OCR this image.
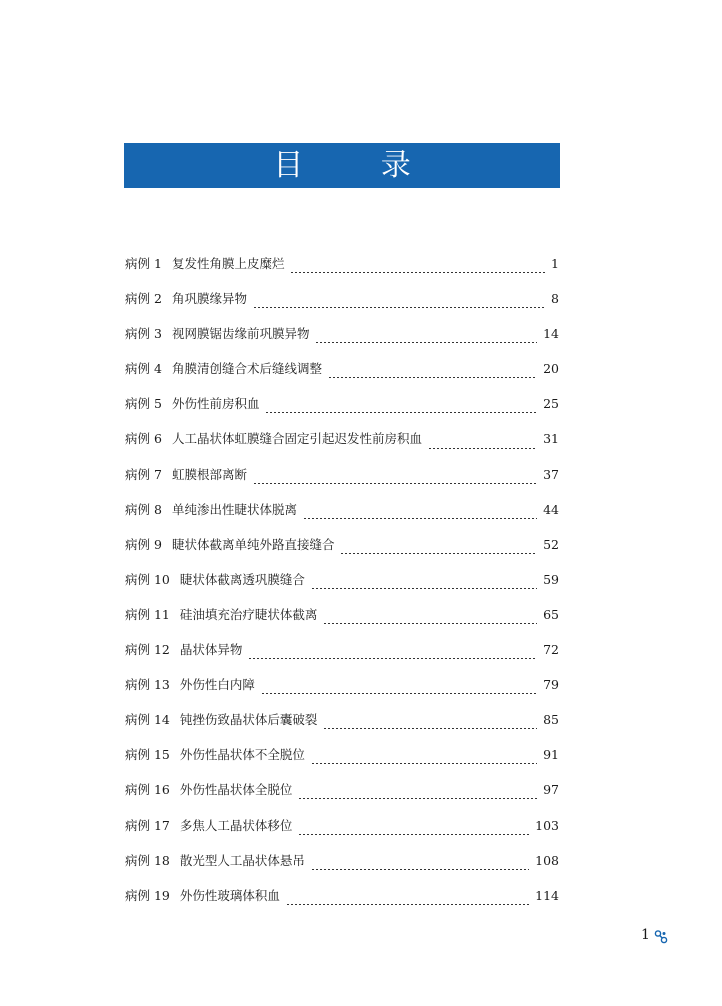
目 录
病例 1 复发性角膜上皮糜烂	1
病例 2 角巩膜缘异物	8
病例 3 视网膜锯齿缘前巩膜异物	14
病例 4 角膜清创缝合术后缝线调整	20
病例 5 外伤性前房积血	25
病例 6 人工晶状体虹膜缝合固定引起迟发性前房积血	31
病例 7 虹膜根部离断	37
病例 8 单纯渗出性睫状体脱离	44
病例 9 睫状体截离单纯外路直接缝合	52
病例 10 睫状体截离透巩膜缝合	59
病例 11 硅油填充治疗睫状体截离	65
病例 12 晶状体异物	72
病例 13 外伤性白内障	79
病例 14 钝挫伤致晶状体后囊破裂	85
病例 15 外伤性晶状体不全脱位	91
病例 16 外伤性晶状体全脱位	97
病例 17 多焦人工晶状体移位	103
病例 18 散光型人工晶状体悬吊	108
病例 19 外伤性玻璃体积血	114
1
